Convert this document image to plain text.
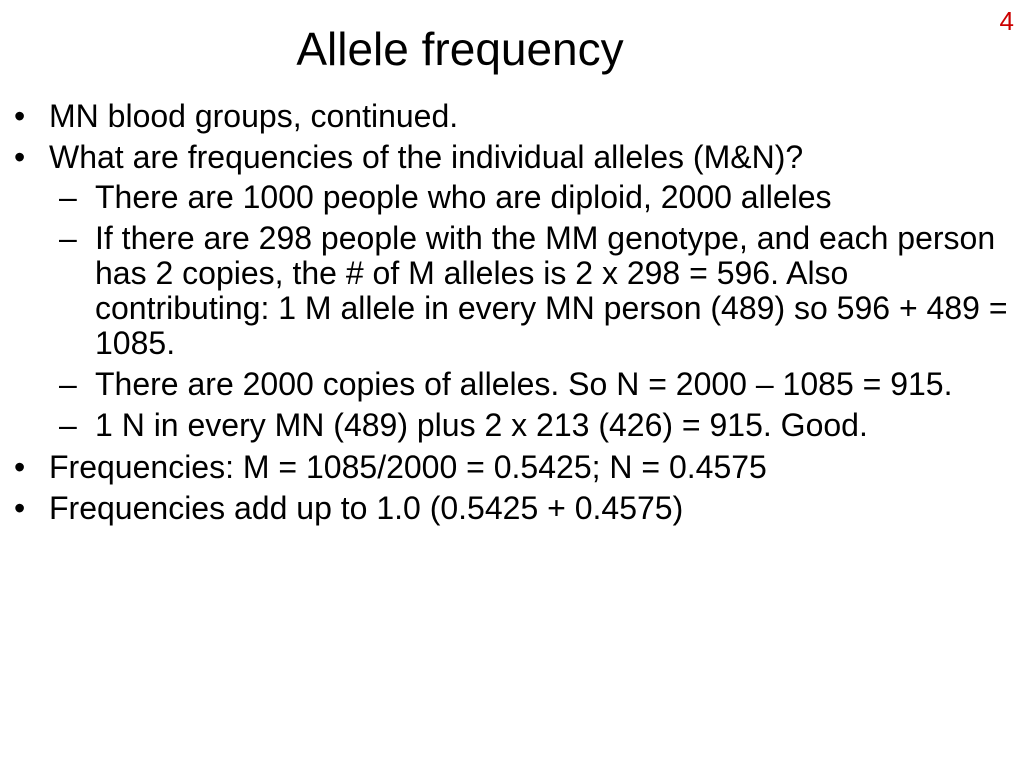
4
Allele frequency
• MN blood groups, continued.
• What are frequencies of the individual alleles (M&N)?
– There are 1000 people who are diploid, 2000 alleles
– If there are 298 people with the MM genotype, and each person has 2 copies, the # of M alleles is 2 x 298 = 596. Also contributing: 1 M allele in every MN person (489) so 596 + 489 = 1085.
– There are 2000 copies of alleles. So N = 2000 – 1085 = 915.
– 1 N in every MN (489) plus 2 x 213 (426) = 915. Good.
• Frequencies: M = 1085/2000 = 0.5425; N = 0.4575
• Frequencies add up to 1.0 (0.5425 + 0.4575)
